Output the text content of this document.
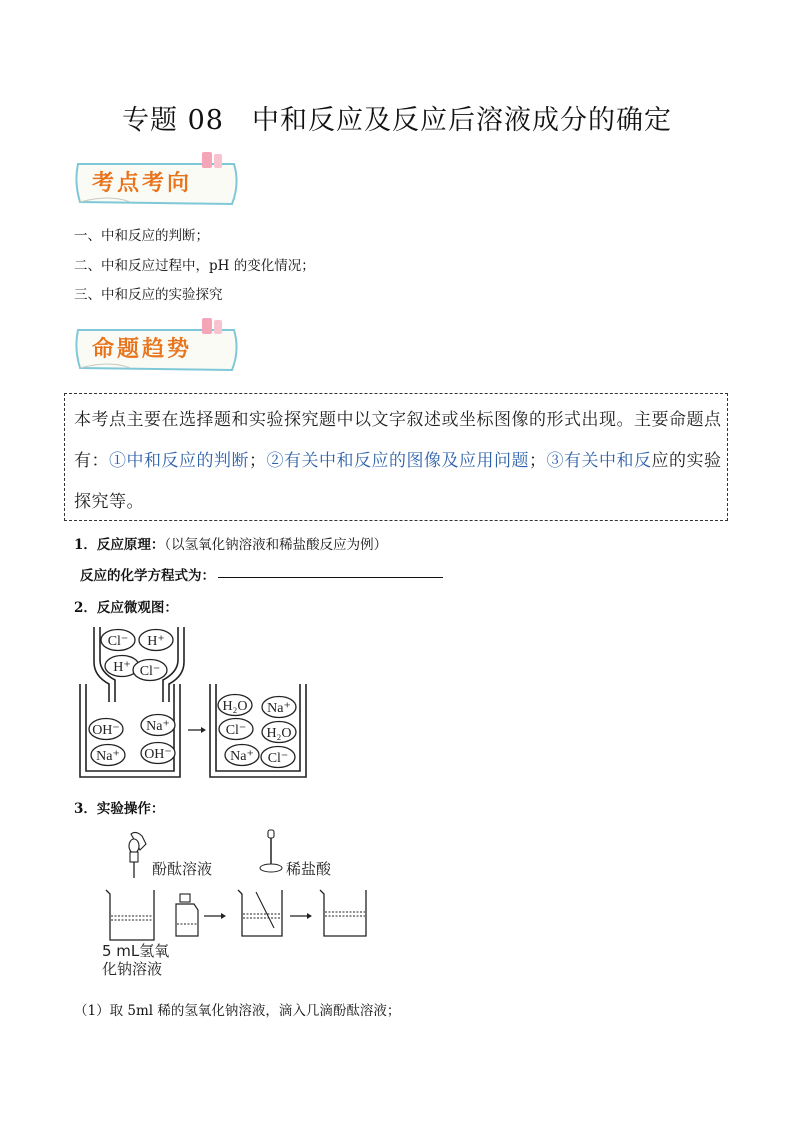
专题 08　中和反应及反应后溶液成分的确定
考点考向
一、中和反应的判断；
二、中和反应过程中，pH 的变化情况；
三、中和反应的实验探究
命题趋势
本考点主要在选择题和实验探究题中以文字叙述或坐标图像的形式出现。主要命题点有：①中和反应的判断；②有关中和反应的图像及应用问题；③有关中和反应的实验探究等。
1．反应原理：（以氢氧化钠溶液和稀盐酸反应为例）
反应的化学方程式为：
2．反应微观图：
Cl⁻ H⁺
H⁺ Cl⁻
OH⁻ Na⁺
Na⁺ OH⁻
H₂O Na⁺
Cl⁻ H₂O
Na⁺ Cl⁻
3．实验操作：
酚酞溶液
5 mL氢氧
化钠溶液
稀盐酸
（1）取 5ml 稀的氢氧化钠溶液，滴入几滴酚酞溶液；
